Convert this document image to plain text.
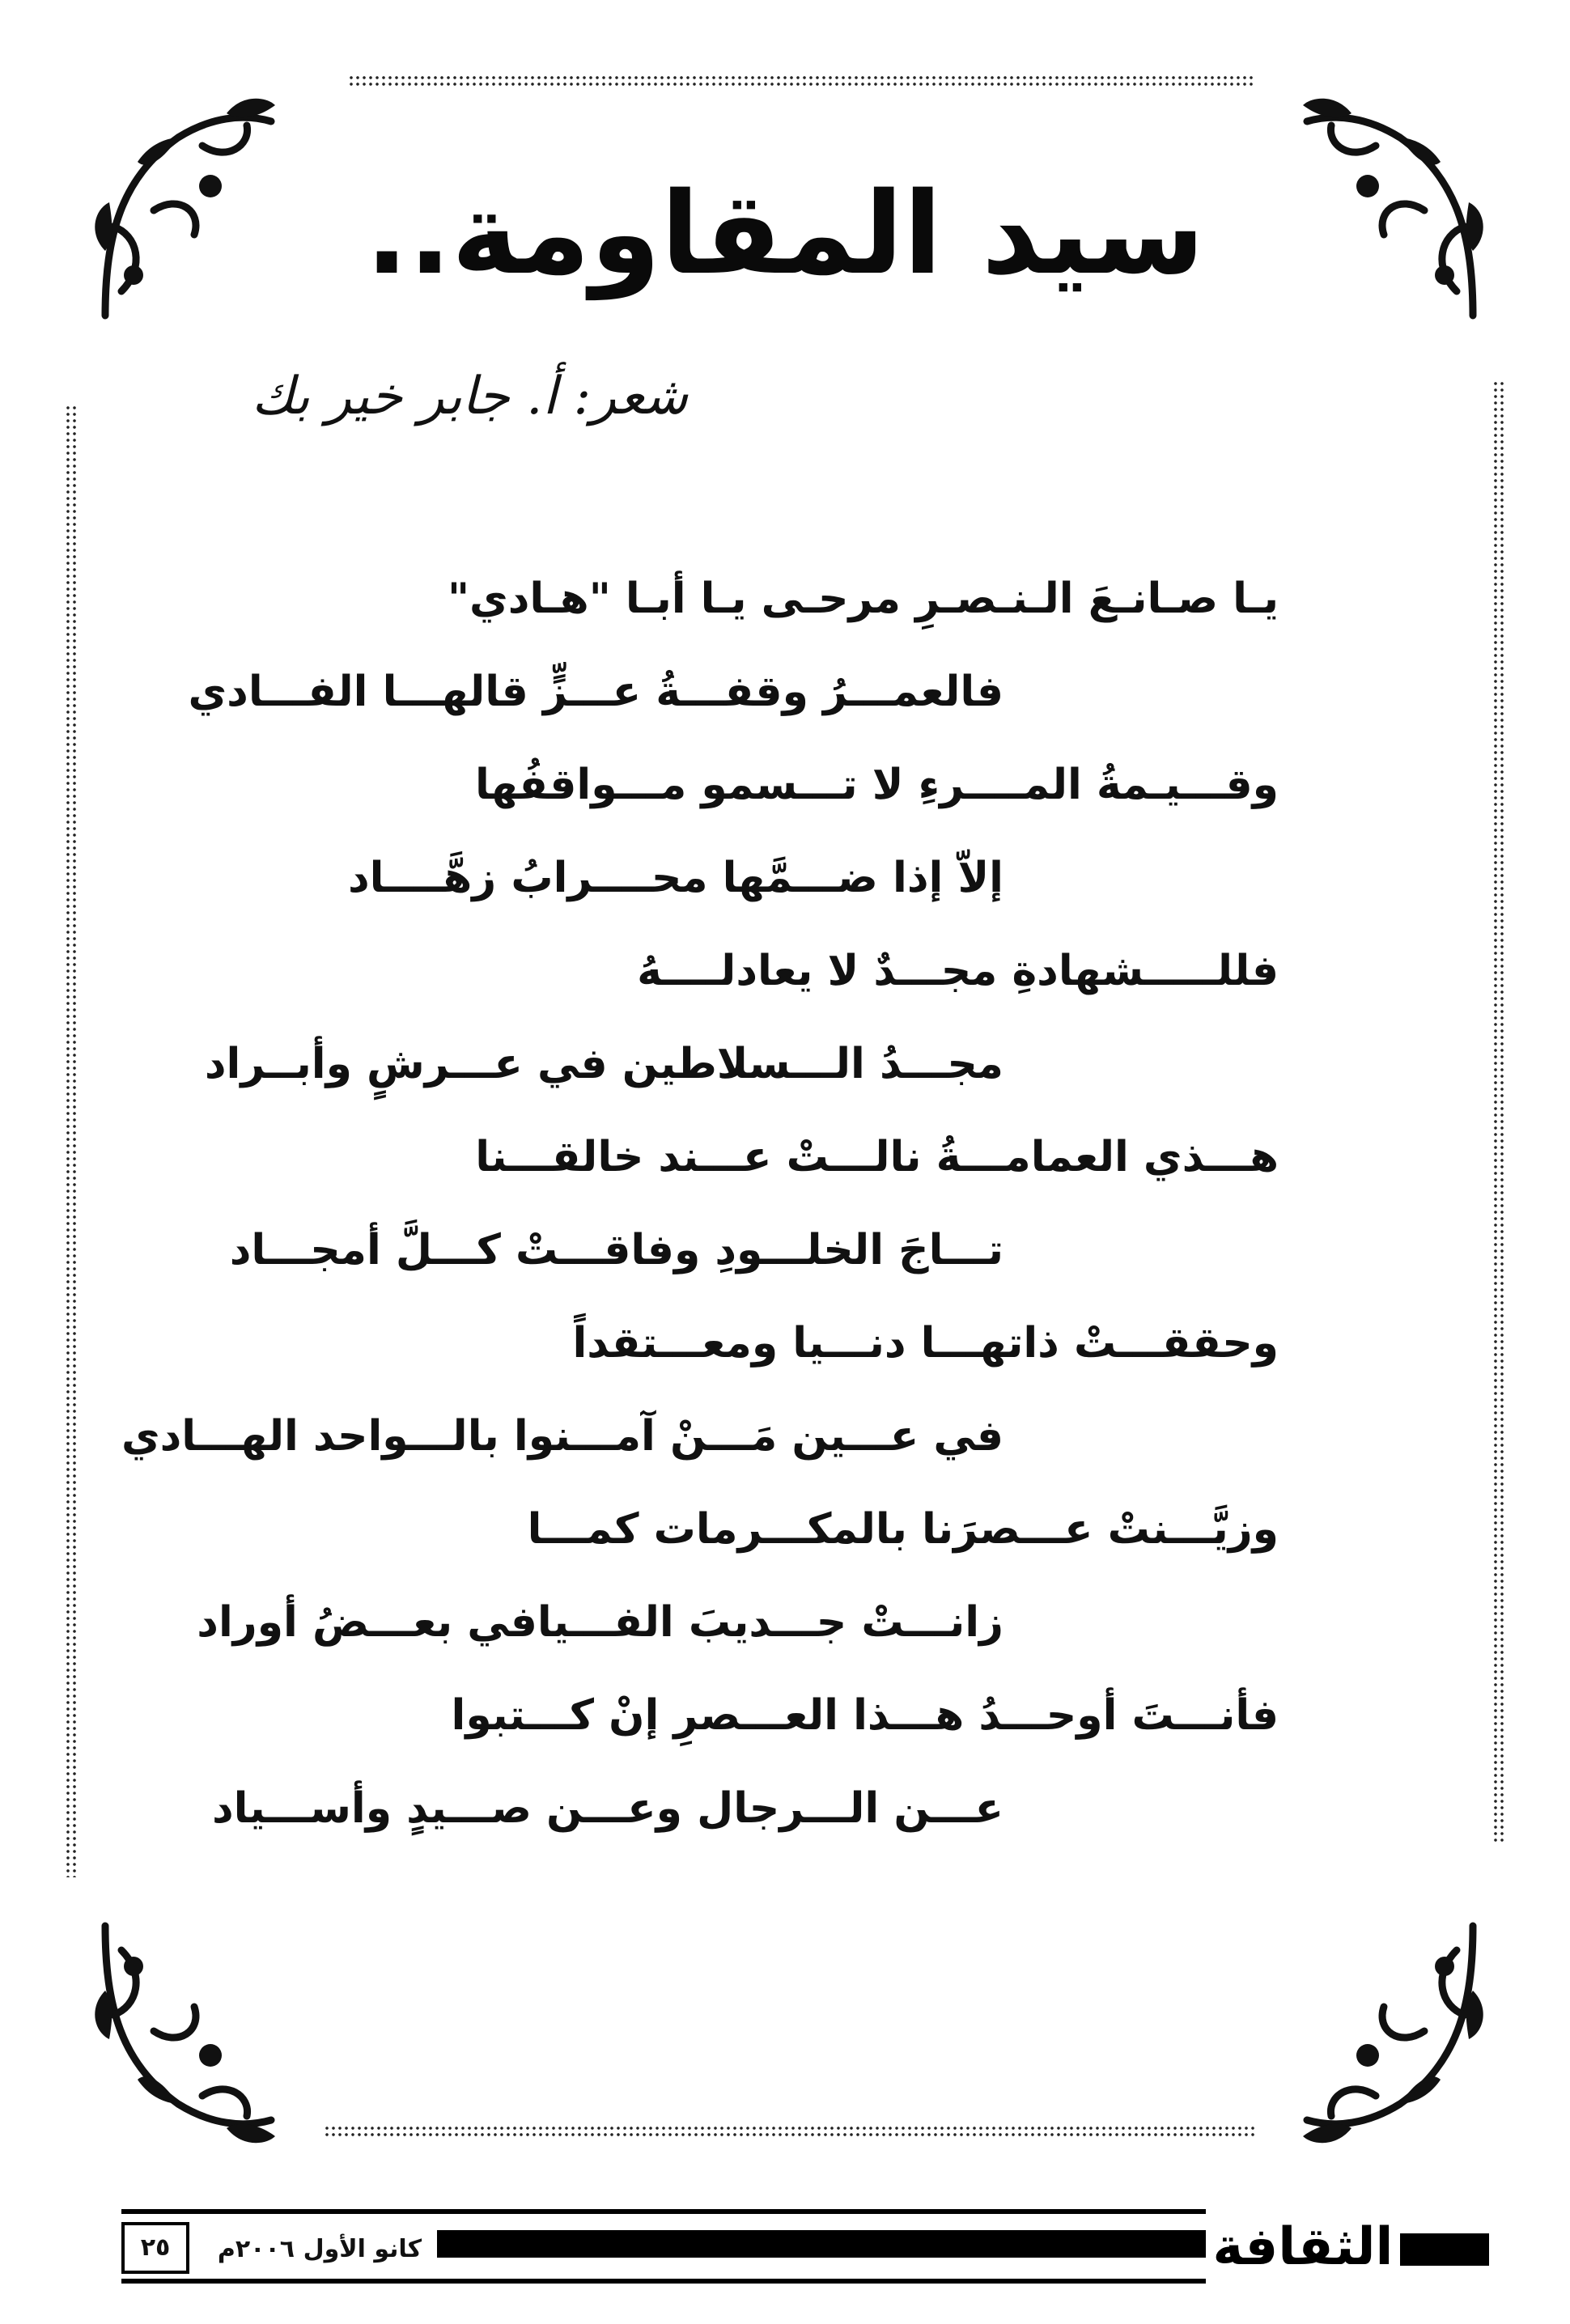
سيد المقاومة..
شعر: أ. جابر خير بك
يـا صـانـعَ الـنـصـرِ مرحـى يـا أبـا "هـادي"
فالعمـــرُ وقفـــةُ عـــزٍّ قالهـــا الفـــادي
وقـــيـمةُ المــــرءِ لا تـــسمو مـــواقفُها
إلاّ إذا ضـــمَّها محــــرابُ زهَّــــاد
فللـــــشهادةِ مجـــدٌ لا يعادلــــهُ
مجـــدُ الـــسلاطين في عـــرشٍ وأبــراد
هـــذي العمامـــةُ نالـــتْ عـــند خالقـــنا
تـــاجَ الخلـــودِ وفاقـــتْ كـــلَّ أمجـــاد
وحققـــتْ ذاتهـــا دنـــيا ومعـــتقداً
في عـــين مَـــنْ آمـــنوا بالـــواحد الهـــادي
وزيَّـــنتْ عـــصرَنا بالمكـــرمات كمـــا
زانـــتْ جـــديبَ الفـــيافي بعـــضُ أوراد
فأنـــتَ أوحـــدُ هـــذا العـــصرِ إنْ كـــتبوا
عـــن الـــرجال وعـــن صـــيدٍ وأســـياد
الثقافة
كانو الأول ٢٠٠٦م
٢٥
